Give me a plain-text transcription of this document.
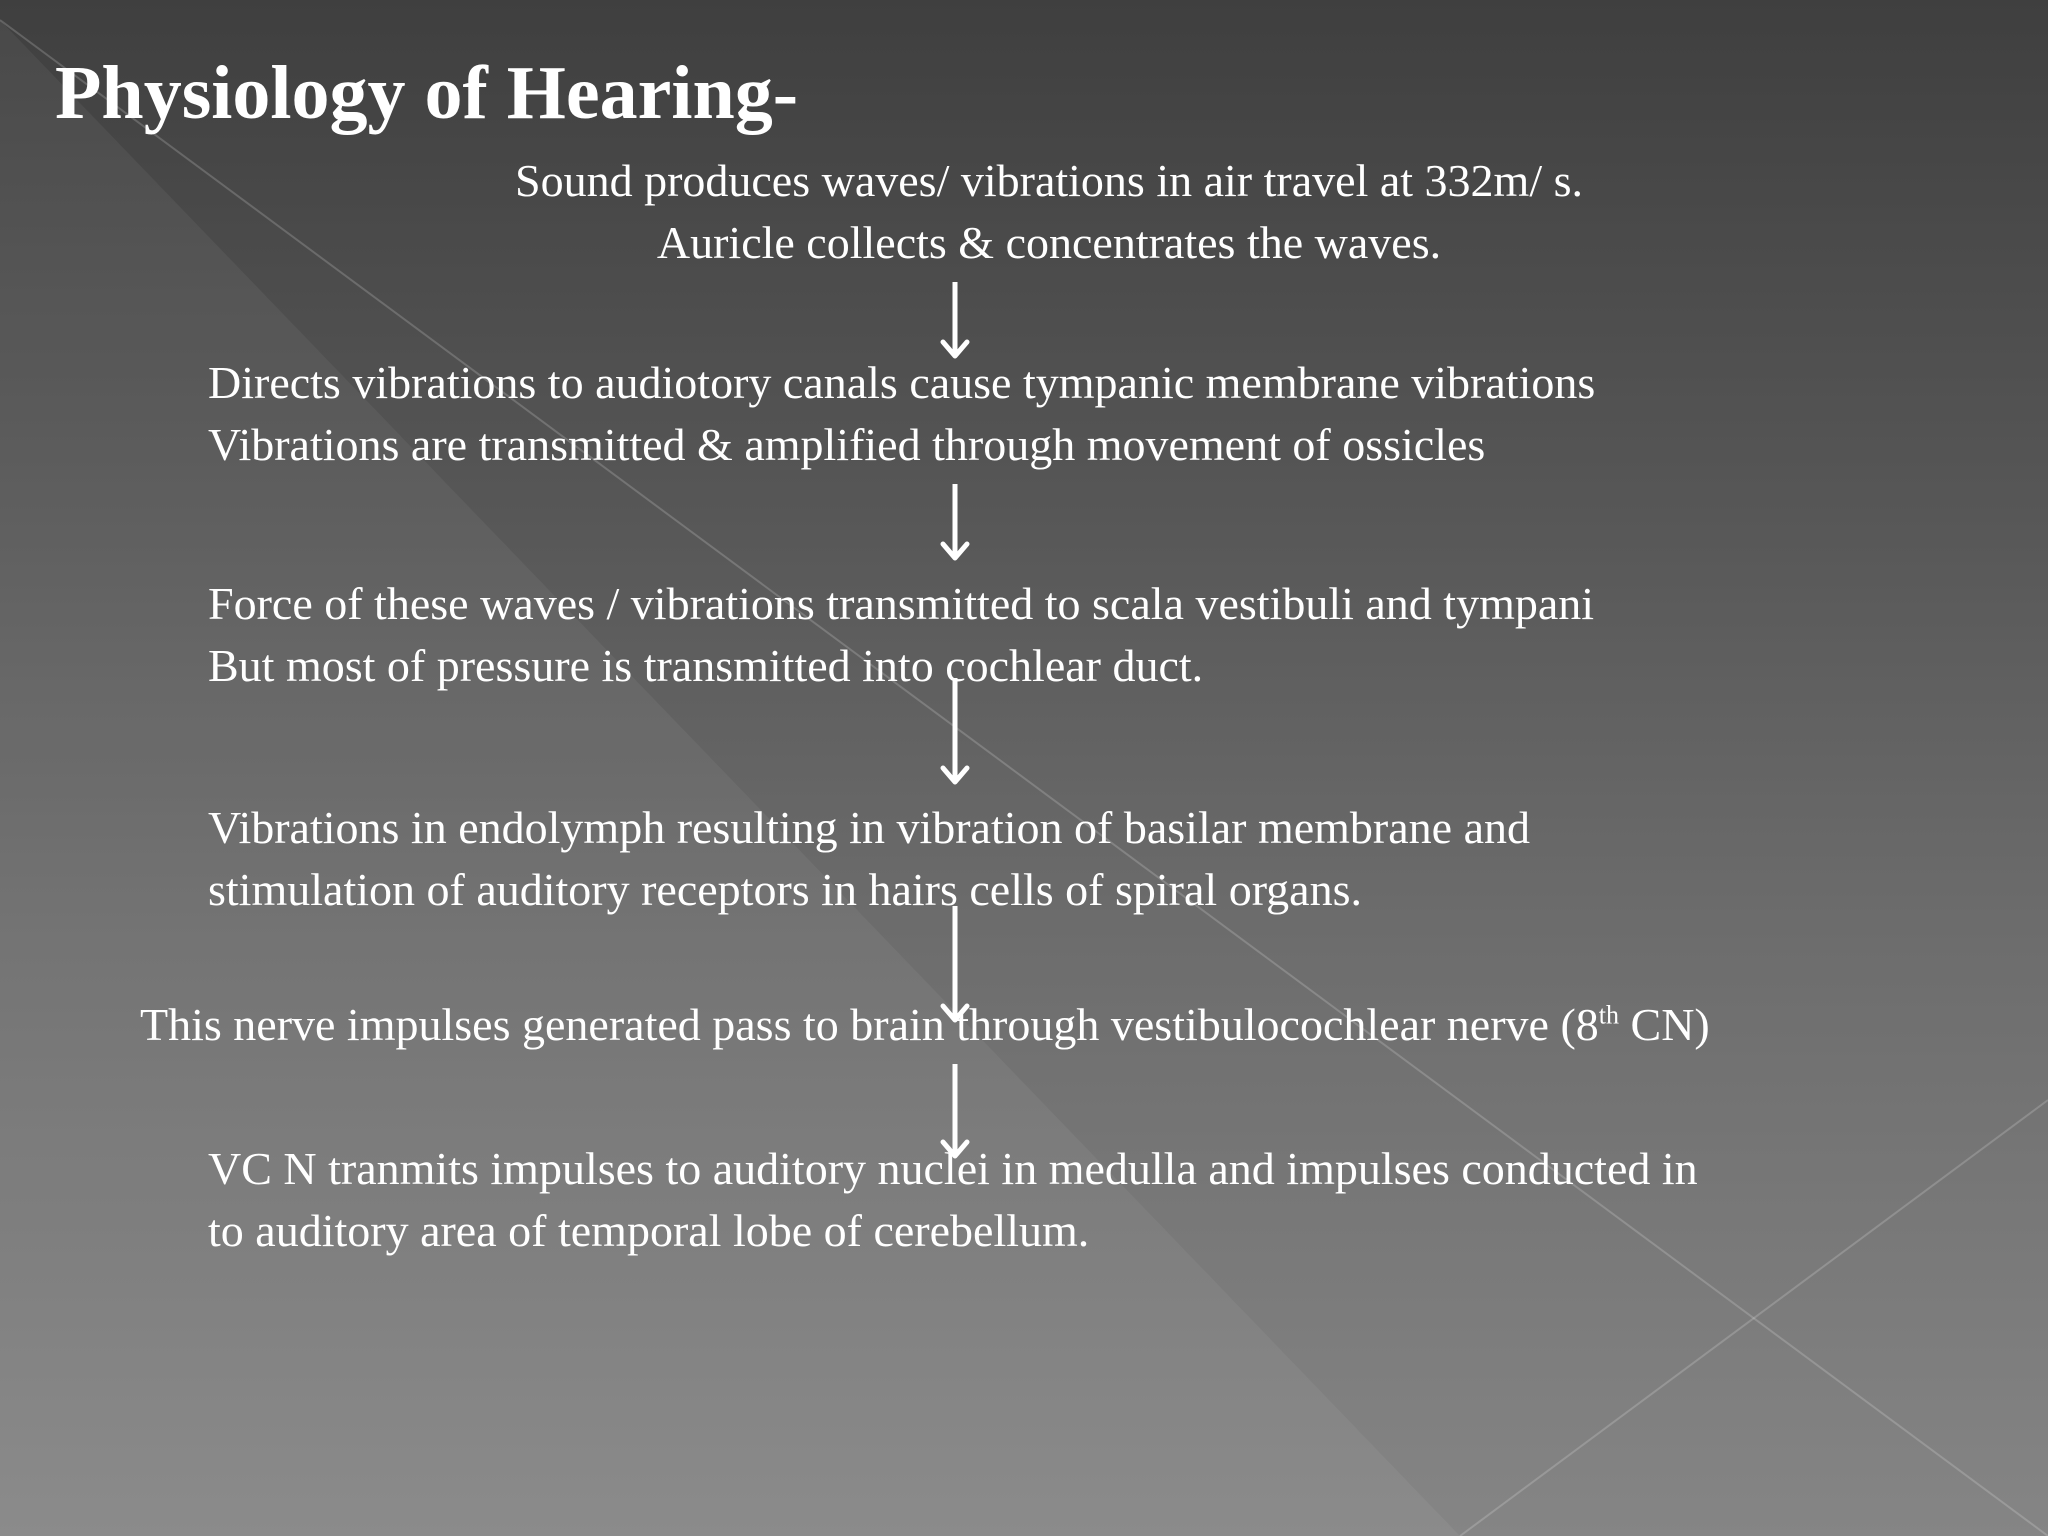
Physiology of Hearing-
Sound produces waves/ vibrations in air travel at 332m/ s.
Auricle collects & concentrates the waves.
Directs vibrations to audiotory canals cause tympanic membrane vibrations
Vibrations are transmitted & amplified through movement of ossicles
Force of these waves / vibrations transmitted to scala vestibuli and tympani
But most of pressure is transmitted into cochlear duct.
Vibrations in endolymph resulting in vibration of basilar membrane and
stimulation of auditory receptors in hairs cells of spiral organs.
This nerve impulses generated pass to brain through vestibulocochlear nerve (8th CN)
VC N tranmits impulses to auditory nuclei in medulla and impulses conducted in
to auditory area of temporal lobe of cerebellum.
